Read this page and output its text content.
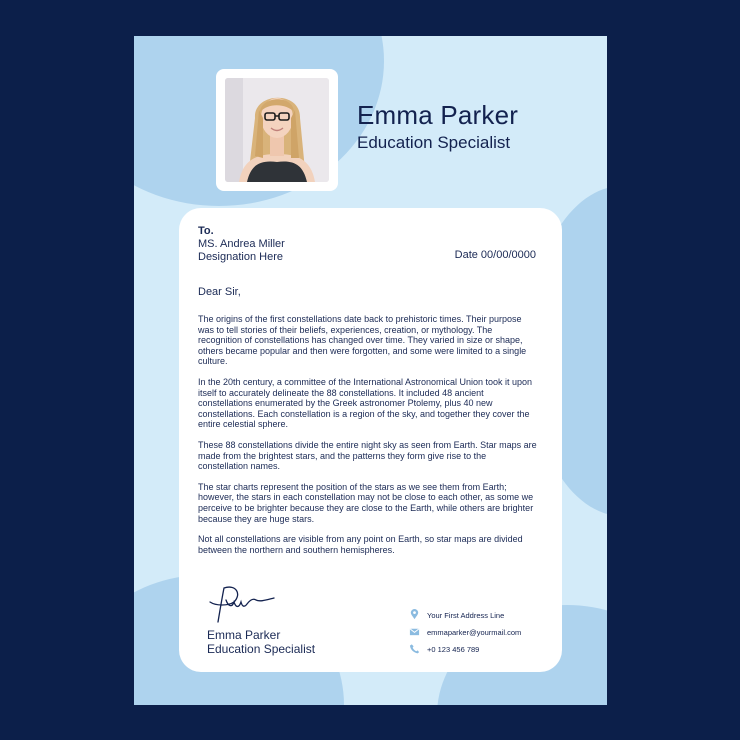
Emma Parker
Education Specialist
To.
MS. Andrea Miller
Designation Here	Date 00/00/0000
Dear Sir,

The origins of the first constellations date back to prehistoric times. Their purpose was to tell stories of their beliefs, experiences, creation, or mythology. The recognition of constellations has changed over time. They varied in size or shape, others became popular and then were forgotten, and some were limited to a single culture.

In the 20th century, a committee of the International Astronomical Union took it upon itself to accurately delineate the 88 constellations. It included 48 ancient constellations enumerated by the Greek astronomer Ptolemy, plus 40 new constellations. Each constellation is a region of the sky, and together they cover the entire celestial sphere.

These 88 constellations divide the entire night sky as seen from Earth. Star maps are made from the brightest stars, and the patterns they form give rise to the constellation names.

The star charts represent the position of the stars as we see them from Earth; however, the stars in each constellation may not be close to each other, as some we perceive to be brighter because they are close to the Earth, while others are brighter because they are huge stars.

Not all constellations are visible from any point on Earth, so star maps are divided between the northern and southern hemispheres.

Emma Parker
Education Specialist
Your First Address Line
emmaparker@yourmail.com
+0 123 456 789
